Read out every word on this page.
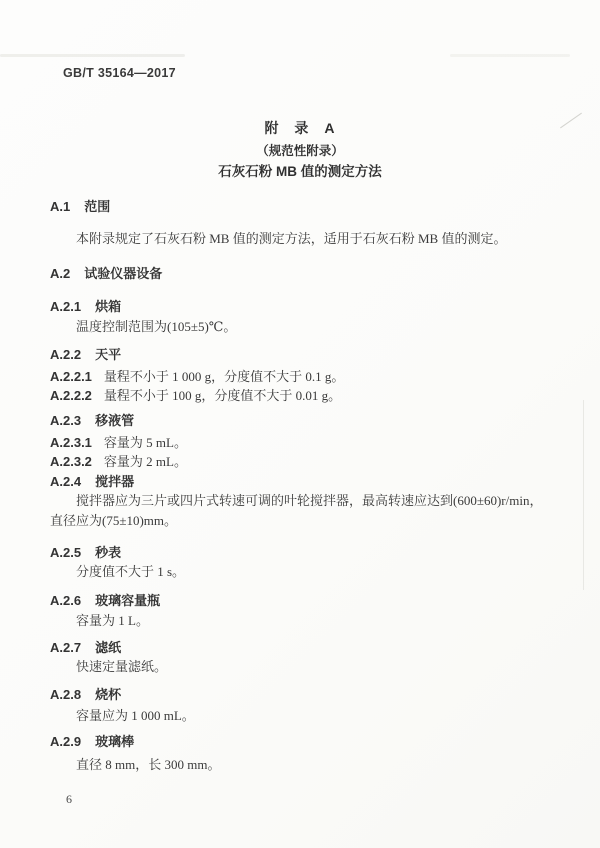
GB/T 35164—2017
附　录　A
（规范性附录）
石灰石粉 MB 值的测定方法
A.1 范围
本附录规定了石灰石粉 MB 值的测定方法，适用于石灰石粉 MB 值的测定。
A.2 试验仪器设备
A.2.1 烘箱
温度控制范围为(105±5)℃。
A.2.2 天平
A.2.2.1 量程不小于 1 000 g，分度值不大于 0.1 g。
A.2.2.2 量程不小于 100 g，分度值不大于 0.01 g。
A.2.3 移液管
A.2.3.1 容量为 5 mL。
A.2.3.2 容量为 2 mL。
A.2.4 搅拌器
搅拌器应为三片或四片式转速可调的叶轮搅拌器，最高转速应达到(600±60)r/min，直径应为(75±10)mm。
A.2.5 秒表
分度值不大于 1 s。
A.2.6 玻璃容量瓶
容量为 1 L。
A.2.7 滤纸
快速定量滤纸。
A.2.8 烧杯
容量应为 1 000 mL。
A.2.9 玻璃棒
直径 8 mm，长 300 mm。
6
